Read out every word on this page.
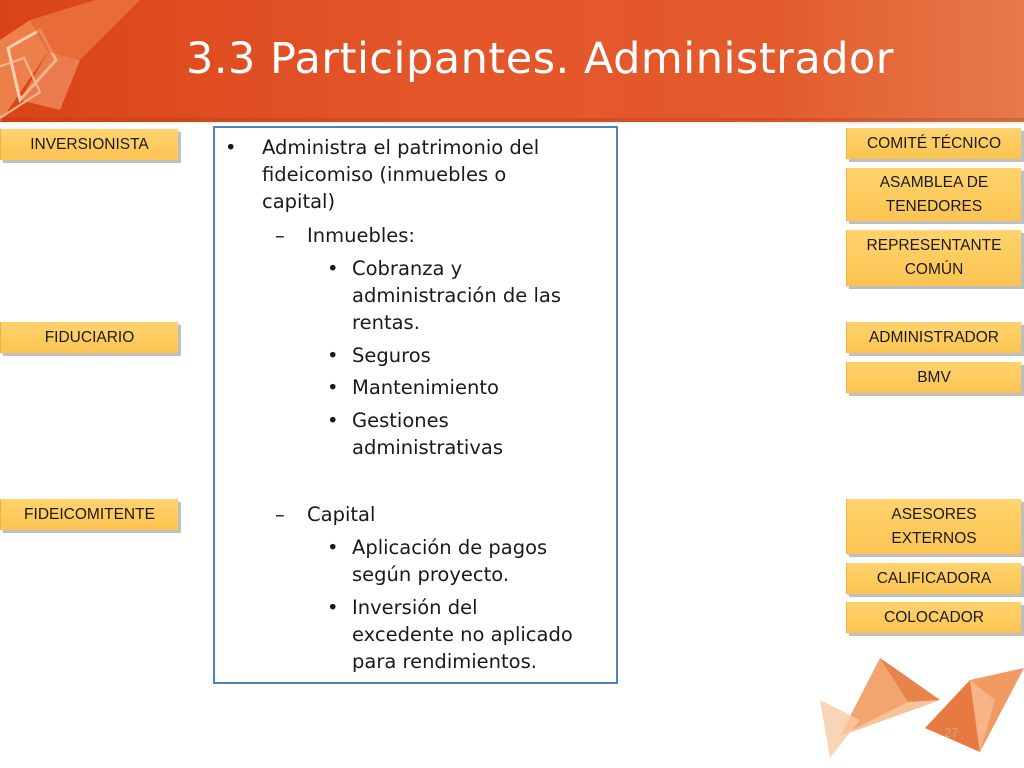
3.3 Participantes. Administrador
INVERSIONISTA
FIDUCIARIO
FIDEICOMITENTE
COMITÉ TÉCNICO
ASAMBLEA DE
TENEDORES
REPRESENTANTE
COMÚN
ADMINISTRADOR
BMV
ASESORES
EXTERNOS
CALIFICADORA
COLOCADOR
• Administra el patrimonio del
fideicomiso (inmuebles o
capital)
– Inmuebles:
• Cobranza y
administración de las
rentas.
• Seguros
• Mantenimiento
• Gestiones
administrativas
– Capital
• Aplicación de pagos
según proyecto.
• Inversión del
excedente no aplicado
para rendimientos.
27
